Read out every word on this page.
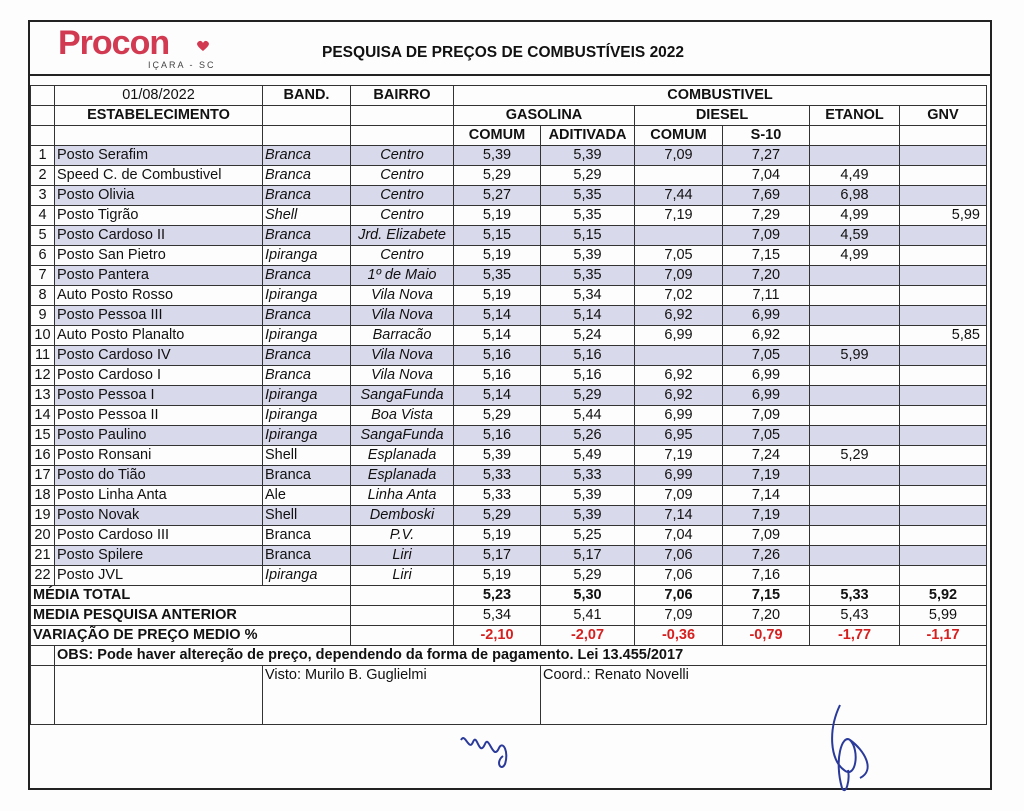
Procon
IÇARA - SC
PESQUISA DE PREÇOS DE COMBUSTÍVEIS 2022
	01/08/2022	BAND.	BAIRRO	COMBUSTIVEL					
	ESTABELECIMENTO			GASOLINA		DIESEL		ETANOL	GNV
				COMUM	ADITIVADA	COMUM	S-10		
1	Posto Serafim	Branca	Centro	5,39	5,39	7,09	7,27		
2	Speed C. de Combustivel	Branca	Centro	5,29	5,29		7,04	4,49	
3	Posto Olivia	Branca	Centro	5,27	5,35	7,44	7,69	6,98	
4	Posto Tigrão	Shell	Centro	5,19	5,35	7,19	7,29	4,99	5,99
5	Posto Cardoso II	Branca	Jrd. Elizabete	5,15	5,15		7,09	4,59	
6	Posto San Pietro	Ipiranga	Centro	5,19	5,39	7,05	7,15	4,99	
7	Posto Pantera	Branca	1º de Maio	5,35	5,35	7,09	7,20		
8	Auto Posto Rosso	Ipiranga	Vila Nova	5,19	5,34	7,02	7,11		
9	Posto Pessoa III	Branca	Vila Nova	5,14	5,14	6,92	6,99		
10	Auto Posto Planalto	Ipiranga	Barracão	5,14	5,24	6,99	6,92		5,85
11	Posto Cardoso IV	Branca	Vila Nova	5,16	5,16		7,05	5,99	
12	Posto Cardoso I	Branca	Vila Nova	5,16	5,16	6,92	6,99		
13	Posto Pessoa I	Ipiranga	SangaFunda	5,14	5,29	6,92	6,99		
14	Posto Pessoa II	Ipiranga	Boa Vista	5,29	5,44	6,99	7,09		
15	Posto Paulino	Ipiranga	SangaFunda	5,16	5,26	6,95	7,05		
16	Posto Ronsani	Shell	Esplanada	5,39	5,49	7,19	7,24	5,29	
17	Posto do Tião	Branca	Esplanada	5,33	5,33	6,99	7,19		
18	Posto Linha Anta	Ale	Linha Anta	5,33	5,39	7,09	7,14		
19	Posto Novak	Shell	Demboski	5,29	5,39	7,14	7,19		
20	Posto Cardoso III	Branca	P.V.	5,19	5,25	7,04	7,09		
21	Posto Spilere	Branca	Liri	5,17	5,17	7,06	7,26		
22	Posto JVL	Ipiranga	Liri	5,19	5,29	7,06	7,16		
MÉDIA TOTAL				5,23	5,30	7,06	7,15	5,33	5,92
MEDIA PESQUISA ANTERIOR				5,34	5,41	7,09	7,20	5,43	5,99
VARIAÇÃO DE PREÇO MEDIO %				-2,10	-2,07	-0,36	-0,79	-1,77	-1,17
	OBS: Pode haver altereção de preço, dependendo da forma de pagamento. Lei 13.455/2017								
		Visto: Murilo B. Guglielmi			Coord.: Renato Novelli				
